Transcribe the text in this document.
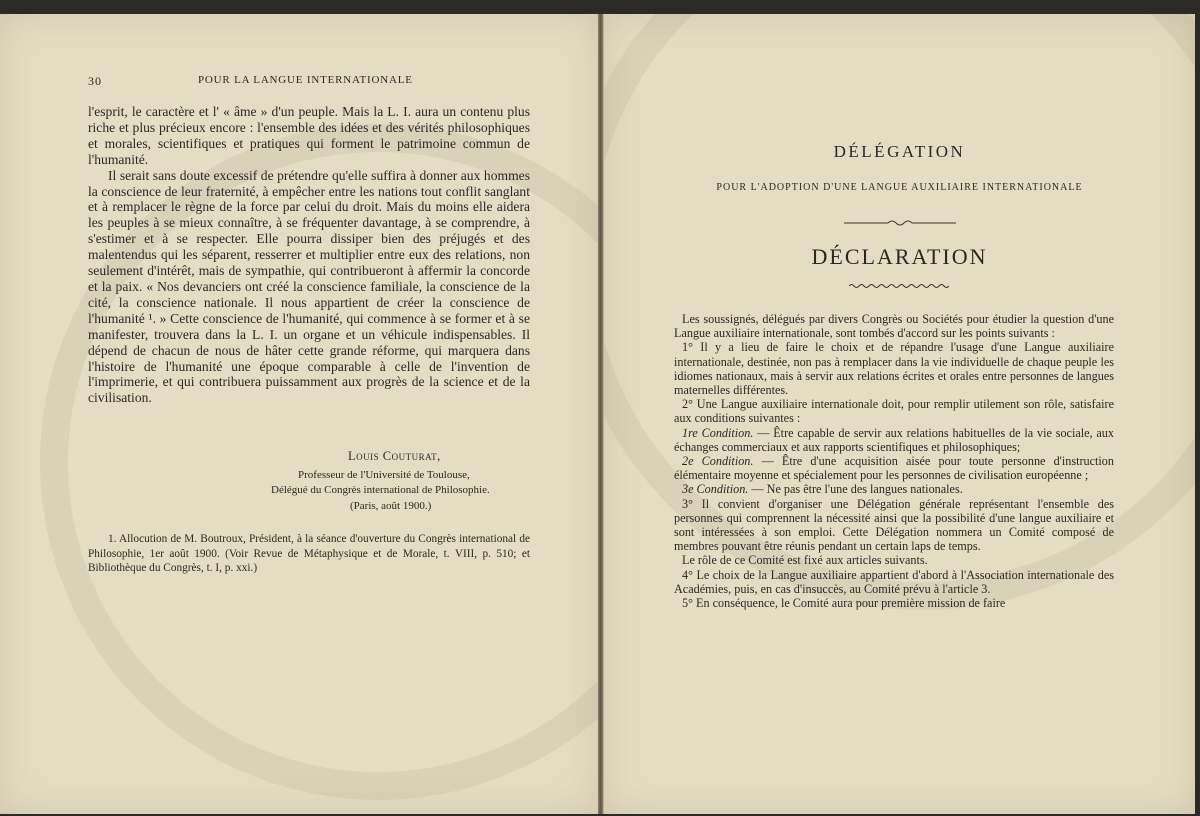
30	POUR LA LANGUE INTERNATIONALE

l'esprit, le caractère et l' « âme » d'un peuple. Mais la L. I. aura un contenu plus riche et plus précieux encore : l'ensemble des idées et des vérités philosophiques et morales, scientifiques et pratiques qui forment le patrimoine commun de l'humanité.

Il serait sans doute excessif de prétendre qu'elle suffira à donner aux hommes la conscience de leur fraternité, à empêcher entre les nations tout conflit sanglant et à remplacer le règne de la force par celui du droit. Mais du moins elle aidera les peuples à se mieux connaître, à se fréquenter davantage, à se comprendre, à s'estimer et à se respecter. Elle pourra dissiper bien des préjugés et des malentendus qui les séparent, resserrer et multiplier entre eux des relations, non seulement d'intérêt, mais de sympathie, qui contribueront à affermir la concorde et la paix. « Nos devanciers ont créé la conscience familiale, la conscience de la cité, la conscience nationale. Il nous appartient de créer la conscience de l'humanité ¹. » Cette conscience de l'humanité, qui commence à se former et à se manifester, trouvera dans la L. I. un organe et un véhicule indispensables. Il dépend de chacun de nous de hâter cette grande réforme, qui marquera dans l'histoire de l'humanité une époque comparable à celle de l'invention de l'imprimerie, et qui contribuera puissamment aux progrès de la science et de la civilisation.

Louis Couturat,
Professeur de l'Université de Toulouse,
Délégué du Congrès international de Philosophie.
(Paris, août 1900.)
1. Allocution de M. Boutroux, Président, à la séance d'ouverture du Congrès international de Philosophie, 1er août 1900. (Voir Revue de Métaphysique et de Morale, t. VIII, p. 510; et Bibliothèque du Congrès, t. I, p. xxi.)
DÉLÉGATION
POUR L'ADOPTION D'UNE LANGUE AUXILIAIRE INTERNATIONALE
DÉCLARATION

Les soussignés, délégués par divers Congrès ou Sociétés pour étudier la question d'une Langue auxiliaire internationale, sont tombés d'accord sur les points suivants :

1° Il y a lieu de faire le choix et de répandre l'usage d'une Langue auxiliaire internationale, destinée, non pas à remplacer dans la vie individuelle de chaque peuple les idiomes nationaux, mais à servir aux relations écrites et orales entre personnes de langues maternelles différentes.

2° Une Langue auxiliaire internationale doit, pour remplir utilement son rôle, satisfaire aux conditions suivantes :

1re Condition. — Être capable de servir aux relations habituelles de la vie sociale, aux échanges commerciaux et aux rapports scientifiques et philosophiques;

2e Condition. — Être d'une acquisition aisée pour toute personne d'instruction élémentaire moyenne et spécialement pour les personnes de civilisation européenne ;

3e Condition. — Ne pas être l'une des langues nationales.

3° Il convient d'organiser une Délégation générale représentant l'ensemble des personnes qui comprennent la nécessité ainsi que la possibilité d'une langue auxiliaire et sont intéressées à son emploi. Cette Délégation nommera un Comité composé de membres pouvant être réunis pendant un certain laps de temps.

Le rôle de ce Comité est fixé aux articles suivants.

4° Le choix de la Langue auxiliaire appartient d'abord à l'Association internationale des Académies, puis, en cas d'insuccès, au Comité prévu à l'article 3.

5° En conséquence, le Comité aura pour première mission de faire
